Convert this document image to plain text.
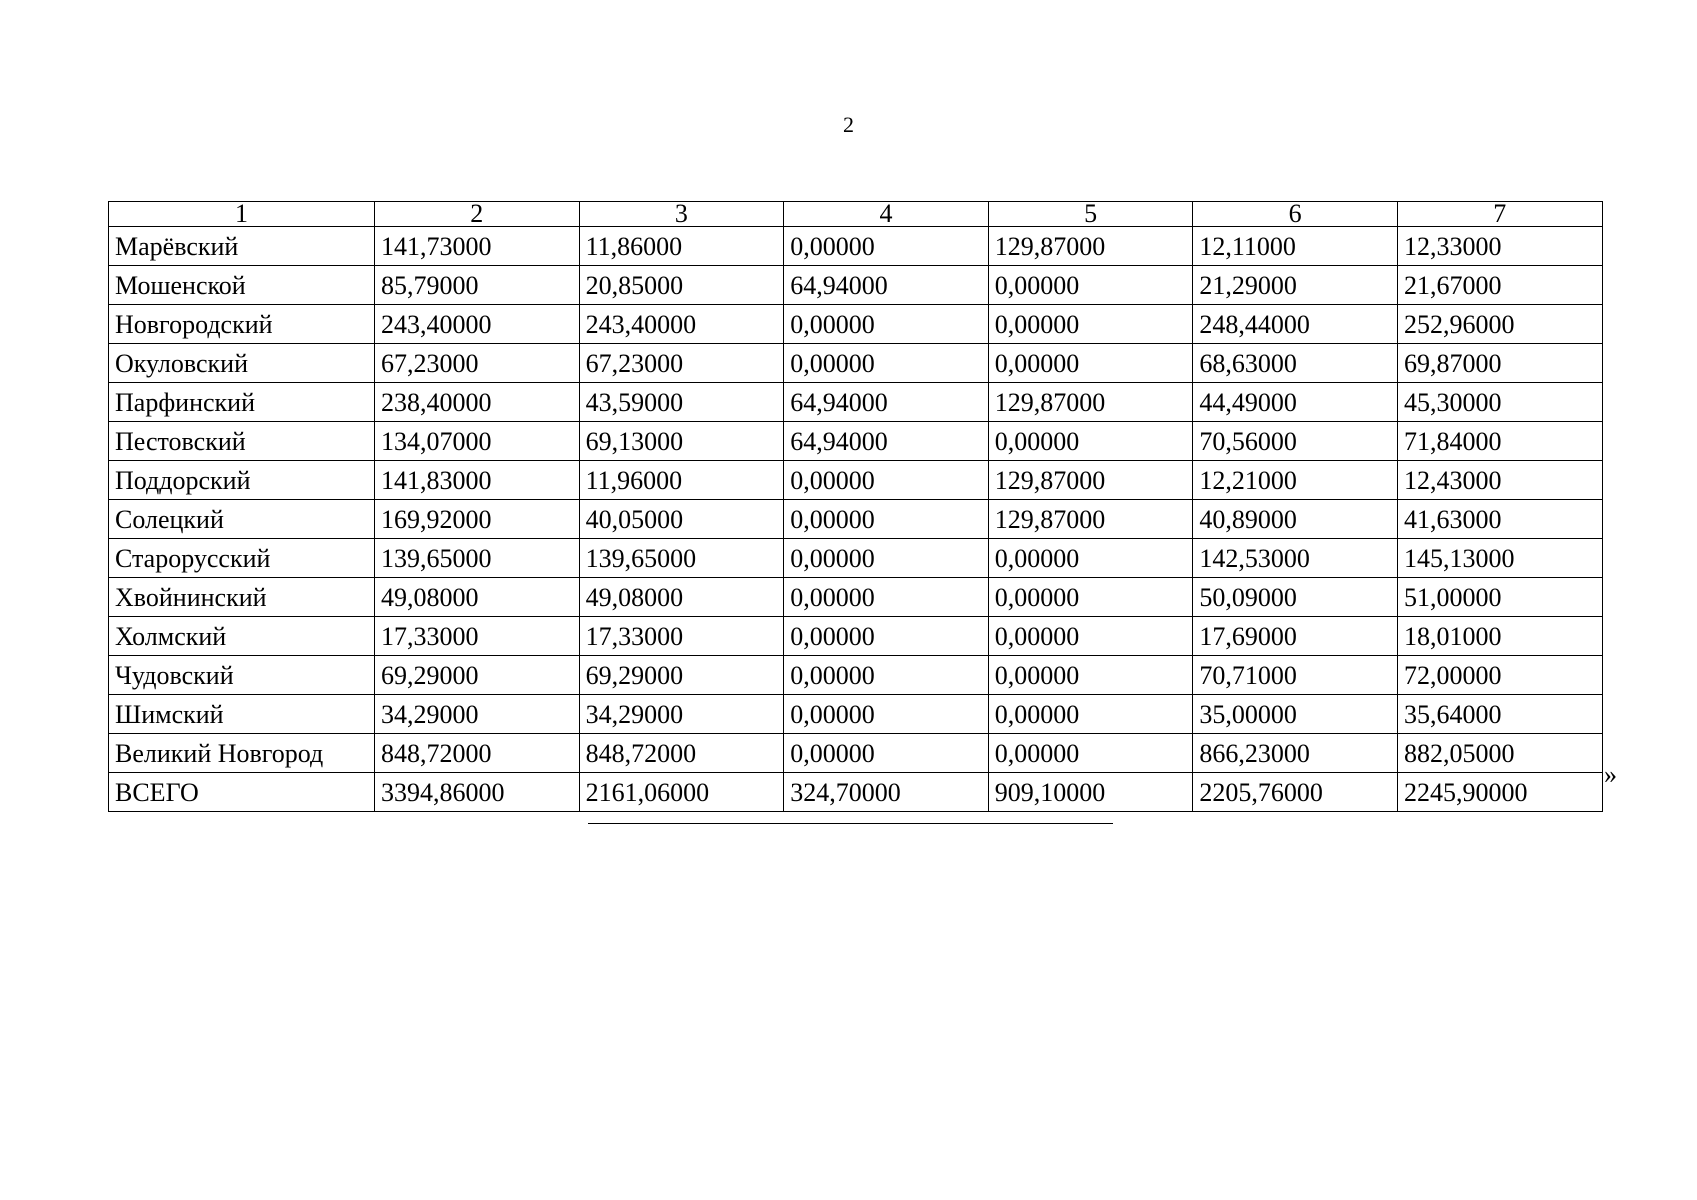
2
1	2	3	4	5	6	7
Марёвский	141,73000	11,86000	0,00000	129,87000	12,11000	12,33000
Мошенской	85,79000	20,85000	64,94000	0,00000	21,29000	21,67000
Новгородский	243,40000	243,40000	0,00000	0,00000	248,44000	252,96000
Окуловский	67,23000	67,23000	0,00000	0,00000	68,63000	69,87000
Парфинский	238,40000	43,59000	64,94000	129,87000	44,49000	45,30000
Пестовский	134,07000	69,13000	64,94000	0,00000	70,56000	71,84000
Поддорский	141,83000	11,96000	0,00000	129,87000	12,21000	12,43000
Солецкий	169,92000	40,05000	0,00000	129,87000	40,89000	41,63000
Старорусский	139,65000	139,65000	0,00000	0,00000	142,53000	145,13000
Хвойнинский	49,08000	49,08000	0,00000	0,00000	50,09000	51,00000
Холмский	17,33000	17,33000	0,00000	0,00000	17,69000	18,01000
Чудовский	69,29000	69,29000	0,00000	0,00000	70,71000	72,00000
Шимский	34,29000	34,29000	0,00000	0,00000	35,00000	35,64000
Великий Новгород	848,72000	848,72000	0,00000	0,00000	866,23000	882,05000
ВСЕГО	3394,86000	2161,06000	324,70000	909,10000	2205,76000	2245,90000
»
